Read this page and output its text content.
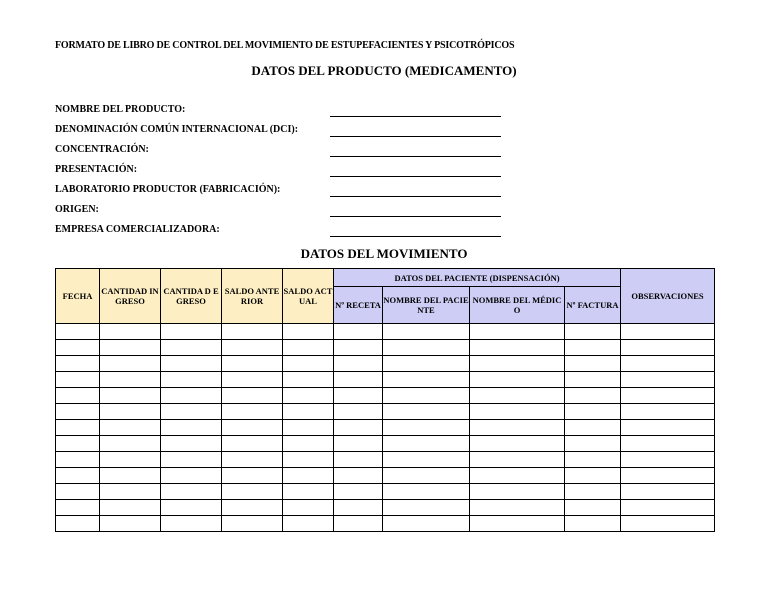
FORMATO DE LIBRO DE CONTROL DEL MOVIMIENTO DE ESTUPEFACIENTES Y PSICOTRÓPICOS
DATOS DEL PRODUCTO (MEDICAMENTO)
NOMBRE DEL PRODUCTO:
DENOMINACIÓN COMÚN INTERNACIONAL (DCI):
CONCENTRACIÓN:
PRESENTACIÓN:
LABORATORIO PRODUCTOR (FABRICACIÓN):
ORIGEN:
EMPRESA COMERCIALIZADORA:
DATOS DEL MOVIMIENTO
FECHA	CANTIDAD INGRESO	CANTIDA D EGRESO	SALDO ANTERIOR	SALDO ACTUAL	DATOS DEL PACIENTE (DISPENSACIÓN)				OBSERVACIONES
					Nº RECETA	NOMBRE DEL PACIENTE	NOMBRE DEL MÉDICO	Nº FACTURA	
